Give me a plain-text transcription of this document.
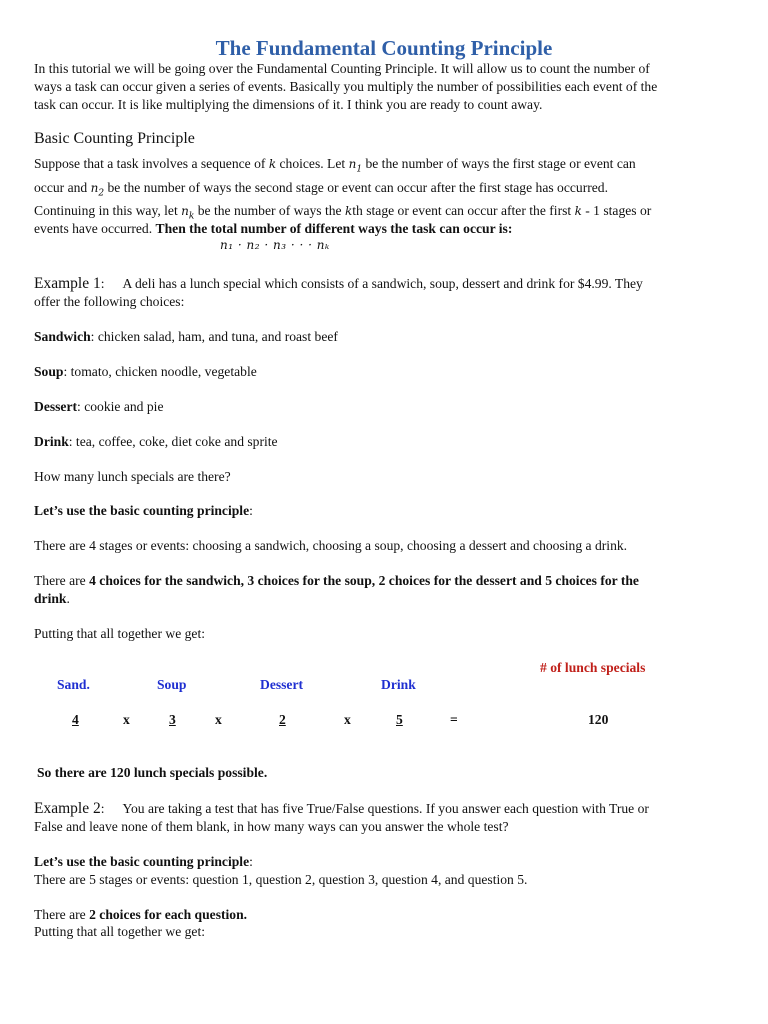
The Fundamental Counting Principle
In this tutorial we will be going over the Fundamental Counting Principle. It will allow us to count the number of
ways a task can occur given a series of events. Basically you multiply the number of possibilities each event of the
task can occur. It is like multiplying the dimensions of it. I think you are ready to count away.
Basic Counting Principle
Suppose that a task involves a sequence of k choices. Let $n_1$ be the number of ways the first stage or event can
occur and $n_2$ be the number of ways the second stage or event can occur after the first stage has occurred.
Continuing in this way, let $n_k$ be the number of ways the kth stage or event can occur after the first k - 1 stages or
events have occurred. Then the total number of different ways the task can occur is:
n₁ · n₂ · n₃ · · · nₖ
Example 1: A deli has a lunch special which consists of a sandwich, soup, dessert and drink for $4.99. They
offer the following choices:
Sandwich: chicken salad, ham, and tuna, and roast beef
Soup: tomato, chicken noodle, vegetable
Dessert: cookie and pie
Drink: tea, coffee, coke, diet coke and sprite
How many lunch specials are there?
Let’s use the basic counting principle:
There are 4 stages or events: choosing a sandwich, choosing a soup, choosing a dessert and choosing a drink.
There are 4 choices for the sandwich, 3 choices for the soup, 2 choices for the dessert and 5 choices for the
drink.
Putting that all together we get:
# of lunch specials
Sand.	Soup	Dessert	Drink
4	x	3	x	2	x	5	=	120
So there are 120 lunch specials possible.
Example 2: You are taking a test that has five True/False questions. If you answer each question with True or
False and leave none of them blank, in how many ways can you answer the whole test?
Let’s use the basic counting principle:
There are 5 stages or events: question 1, question 2, question 3, question 4, and question 5.
There are 2 choices for each question.
Putting that all together we get:
